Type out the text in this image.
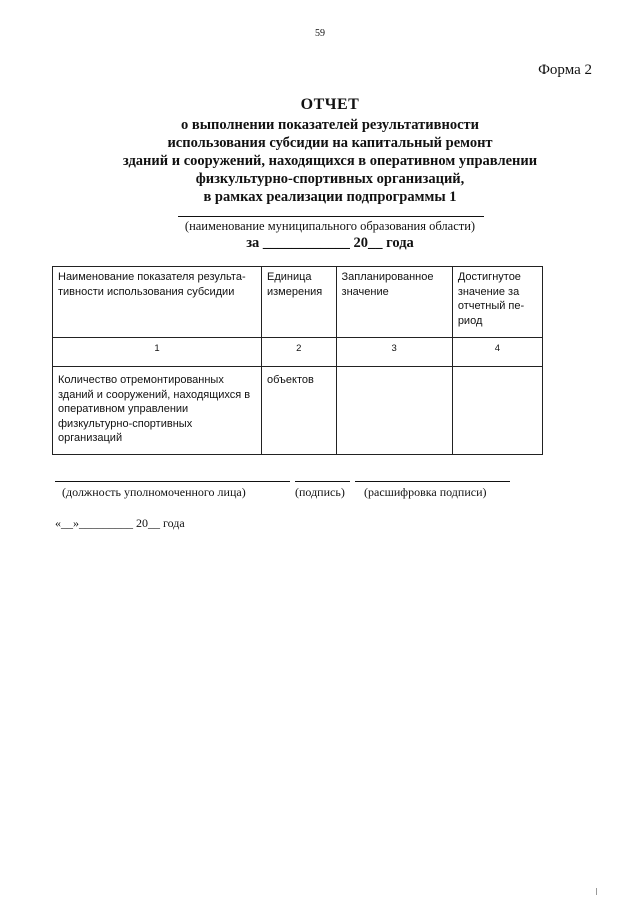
59
Форма 2
ОТЧЕТ
о выполнении показателей результативности
использования субсидии на капитальный ремонт
зданий и сооружений, находящихся в оперативном управлении
физкультурно-спортивных организаций,
в рамках реализации подпрограммы 1
(наименование муниципального образования области)
за ____________ 20__ года
Наименование показателя результа-тивности использования субсидии	Единица измерения	Запланированное значение	Достигнутое значение за отчетный пе-риод
1	2	3	4
Количество отремонтированных зданий и сооружений, находящихся в оперативном управлении физкультурно-спортивных организаций	объектов		
(должность уполномоченного лица)	(подпись) (расшифровка подписи)
«__»_________ 20__ года
